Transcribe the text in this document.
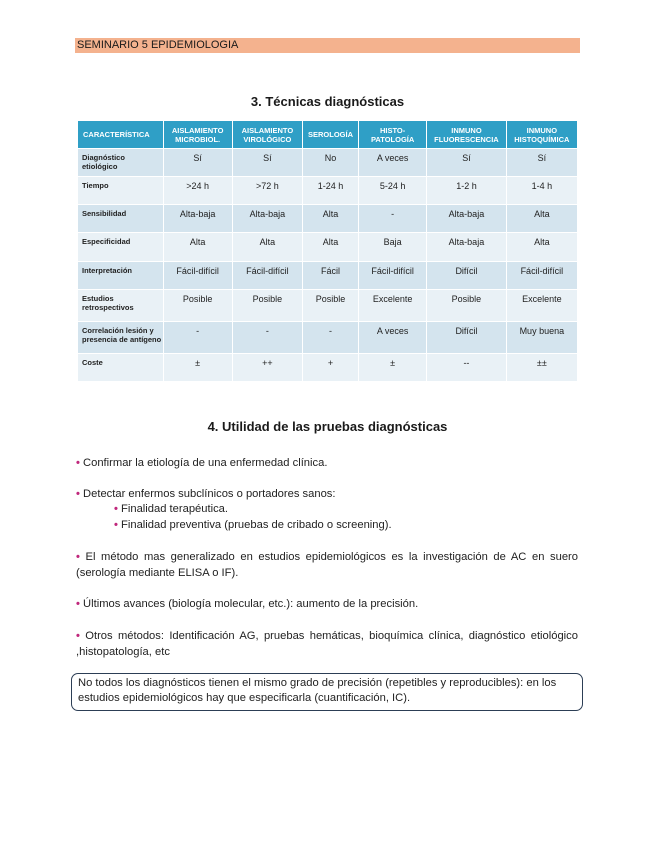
SEMINARIO 5 EPIDEMIOLOGIA
3. Técnicas diagnósticas
CARACTERÍSTICA	AISLAMIENTO MICROBIOL.	AISLAMIENTO VIROLÓGICO	SEROLOGÍA	HISTO-PATOLOGÍA	INMUNO FLUORESCENCIA	INMUNO HISTOQUÍMICA
Diagnóstico etiológico	Sí	Sí	No	A veces	Sí	Sí
Tiempo	>24 h	>72 h	1-24 h	5-24 h	1-2 h	1-4 h
Sensibilidad	Alta-baja	Alta-baja	Alta	-	Alta-baja	Alta
Especificidad	Alta	Alta	Alta	Baja	Alta-baja	Alta
Interpretación	Fácil-difícil	Fácil-difícil	Fácil	Fácil-difícil	Difícil	Fácil-difícil
Estudios retrospectivos	Posible	Posible	Posible	Excelente	Posible	Excelente
Correlación lesión y presencia de antígeno	-	-	-	A veces	Difícil	Muy buena
Coste	±	++	+	±	--	±±
4. Utilidad de las pruebas diagnósticas
• Confirmar la etiología de una enfermedad clínica.
• Detectar enfermos subclínicos o portadores sanos:
• Finalidad terapéutica.
• Finalidad preventiva (pruebas de cribado o screening).
• El método mas generalizado en estudios epidemiológicos es la investigación de AC en suero (serología mediante ELISA o IF).
• Últimos avances (biología molecular, etc.): aumento de la precisión.
• Otros métodos: Identificación AG, pruebas hemáticas, bioquímica clínica, diagnóstico etiológico ,histopatología, etc
No todos los diagnósticos tienen el mismo grado de precisión (repetibles y reproducibles): en los estudios epidemiológicos hay que especificarla (cuantificación, IC).
